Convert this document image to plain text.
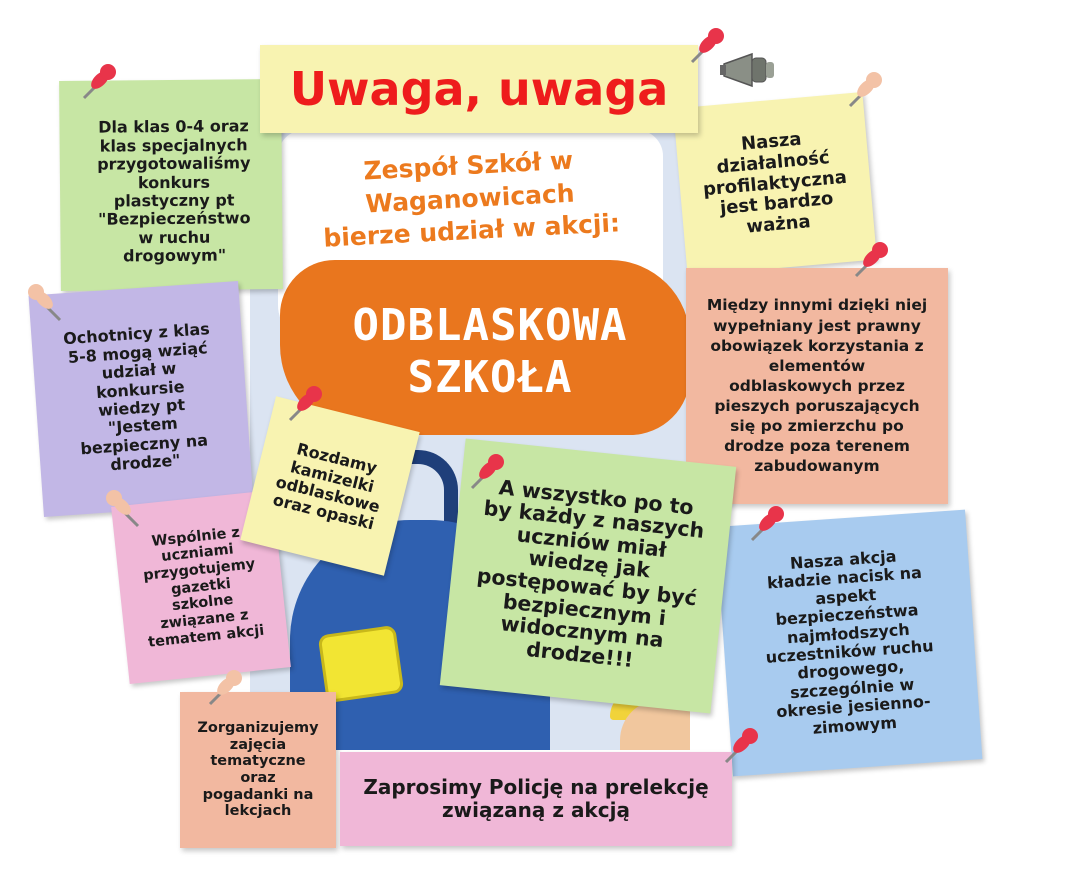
Zespół Szkół w
Waganowicach
bierze udział w akcji:
ODBLASKOWA
SZKOŁA
Uwaga, uwaga
Dla klas 0-4 oraz
klas specjalnych
przygotowaliśmy
konkurs
plastyczny pt
"Bezpieczeństwo
w ruchu
drogowym"
Nasza
działalność
profilaktyczna
jest bardzo
ważna
Ochotnicy z klas
5-8 mogą wziąć
udział w
konkursie
wiedzy pt
"Jestem
bezpieczny na
drodze"
Między innymi dzięki niej
wypełniany jest prawny
obowiązek korzystania z
elementów
odblaskowych przez
pieszych poruszających
się po zmierzchu po
drodze poza terenem
zabudowanym
Rozdamy
kamizelki
odblaskowe
oraz opaski
Wspólnie z
uczniami
przygotujemy
gazetki
szkolne
związane z
tematem akcji
A wszystko po to
by każdy z naszych
uczniów miał
wiedzę jak
postępować by być
bezpiecznym i
widocznym na
drodze!!!
Nasza akcja
kładzie nacisk na
aspekt
bezpieczeństwa
najmłodszych
uczestników ruchu
drogowego,
szczególnie w
okresie jesienno-
zimowym
Zorganizujemy
zajęcia
tematyczne
oraz
pogadanki na
lekcjach
Zaprosimy Policję na prelekcję
związaną z akcją
